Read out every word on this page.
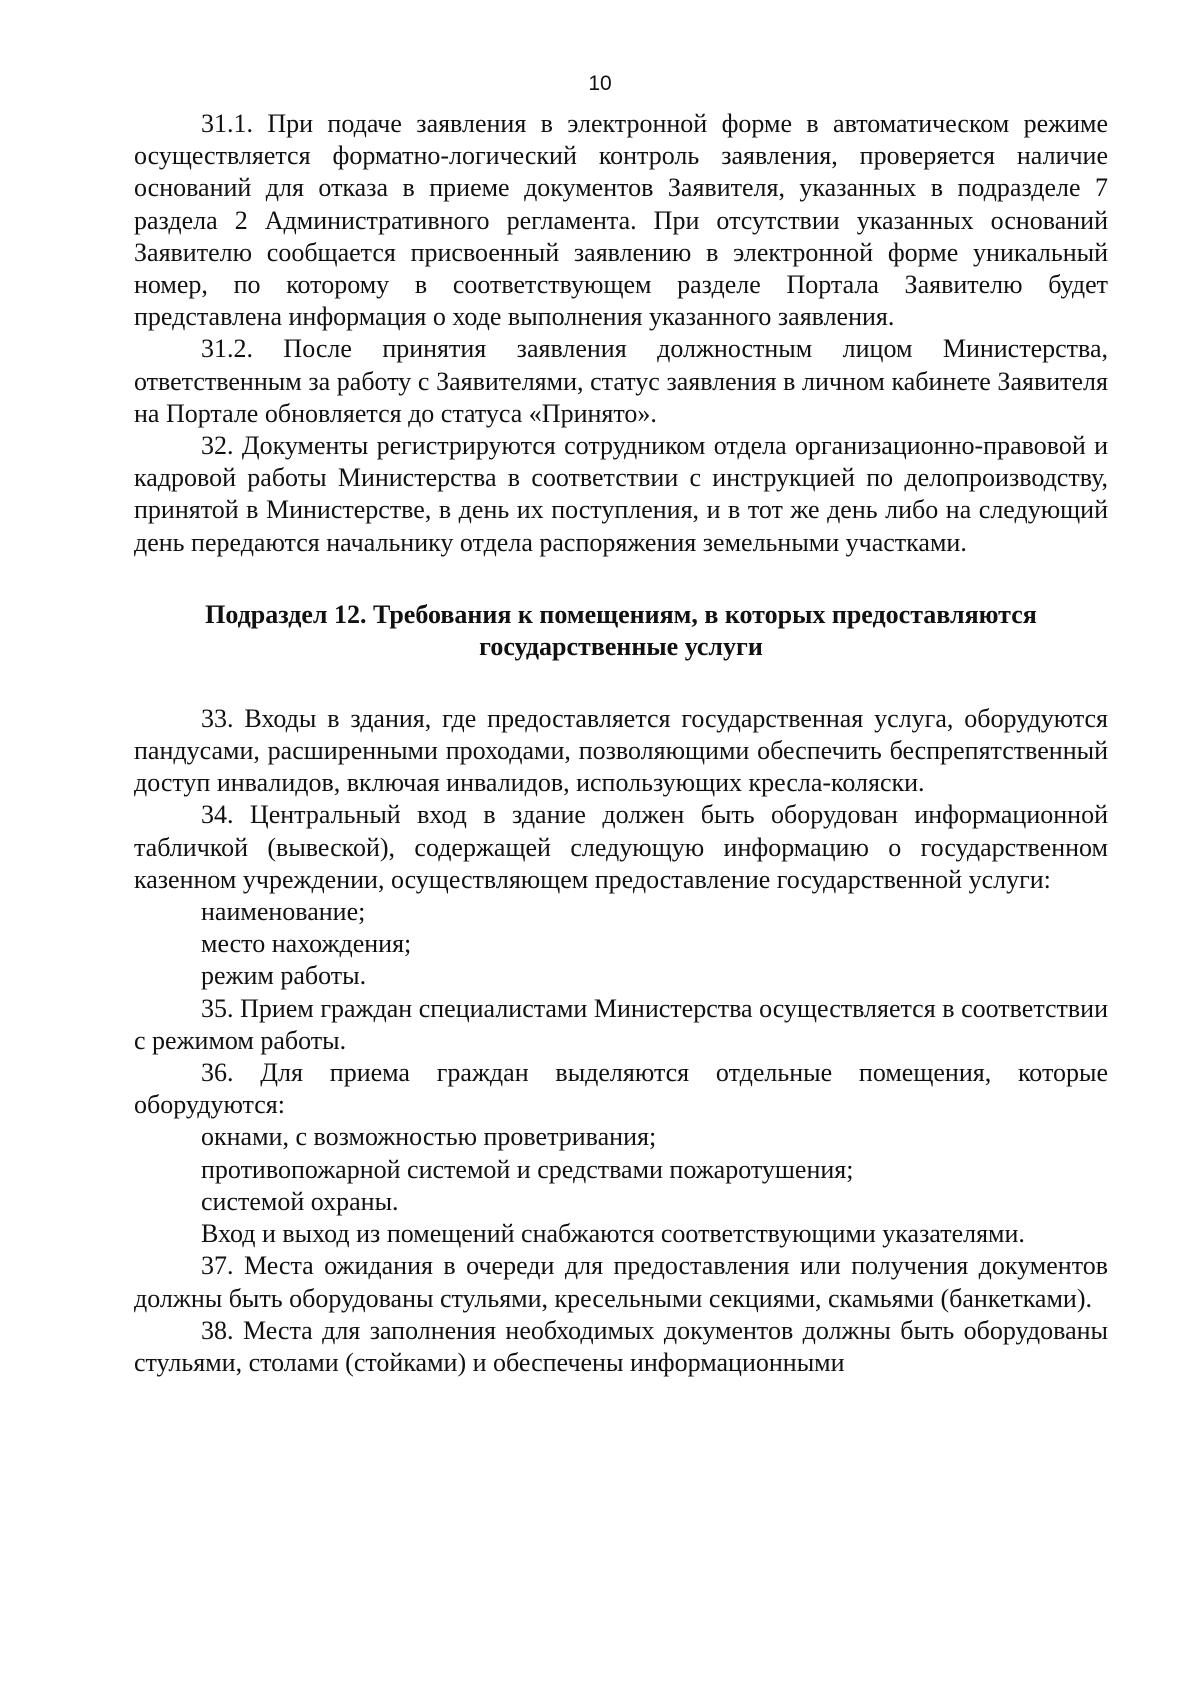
10

31.1. При подаче заявления в электронной форме в автоматическом режиме осуществляется форматно-логический контроль заявления, проверяется наличие оснований для отказа в приеме документов Заявителя, указанных в подразделе 7 раздела 2 Административного регламента. При отсутствии указанных оснований Заявителю сообщается присвоенный заявлению в электронной форме уникальный номер, по которому в соответствующем разделе Портала Заявителю будет представлена информация о ходе выполнения указанного заявления.

31.2. После принятия заявления должностным лицом Министерства, ответственным за работу с Заявителями, статус заявления в личном кабинете Заявителя на Портале обновляется до статуса «Принято».

32. Документы регистрируются сотрудником отдела организационно-правовой и кадровой работы Министерства в соответствии с инструкцией по делопроизводству, принятой в Министерстве, в день их поступления, и в тот же день либо на следующий день передаются начальнику отдела распоряжения земельными участками.

Подраздел 12. Требования к помещениям, в которых предоставляются
государственные услуги

33. Входы в здания, где предоставляется государственная услуга, оборудуются пандусами, расширенными проходами, позволяющими обеспечить беспрепятственный доступ инвалидов, включая инвалидов, использующих кресла-коляски.

34. Центральный вход в здание должен быть оборудован информационной табличкой (вывеской), содержащей следующую информацию о государственном казенном учреждении, осуществляющем предоставление государственной услуги:

наименование;

место нахождения;

режим работы.

35. Прием граждан специалистами Министерства осуществляется в соответствии с режимом работы.

36. Для приема граждан выделяются отдельные помещения, которые оборудуются:

окнами, с возможностью проветривания;

противопожарной системой и средствами пожаротушения;

системой охраны.

Вход и выход из помещений снабжаются соответствующими указателями.

37. Места ожидания в очереди для предоставления или получения документов должны быть оборудованы стульями, кресельными секциями, скамьями (банкетками).

38. Места для заполнения необходимых документов должны быть оборудованы стульями, столами (стойками) и обеспечены информационными
